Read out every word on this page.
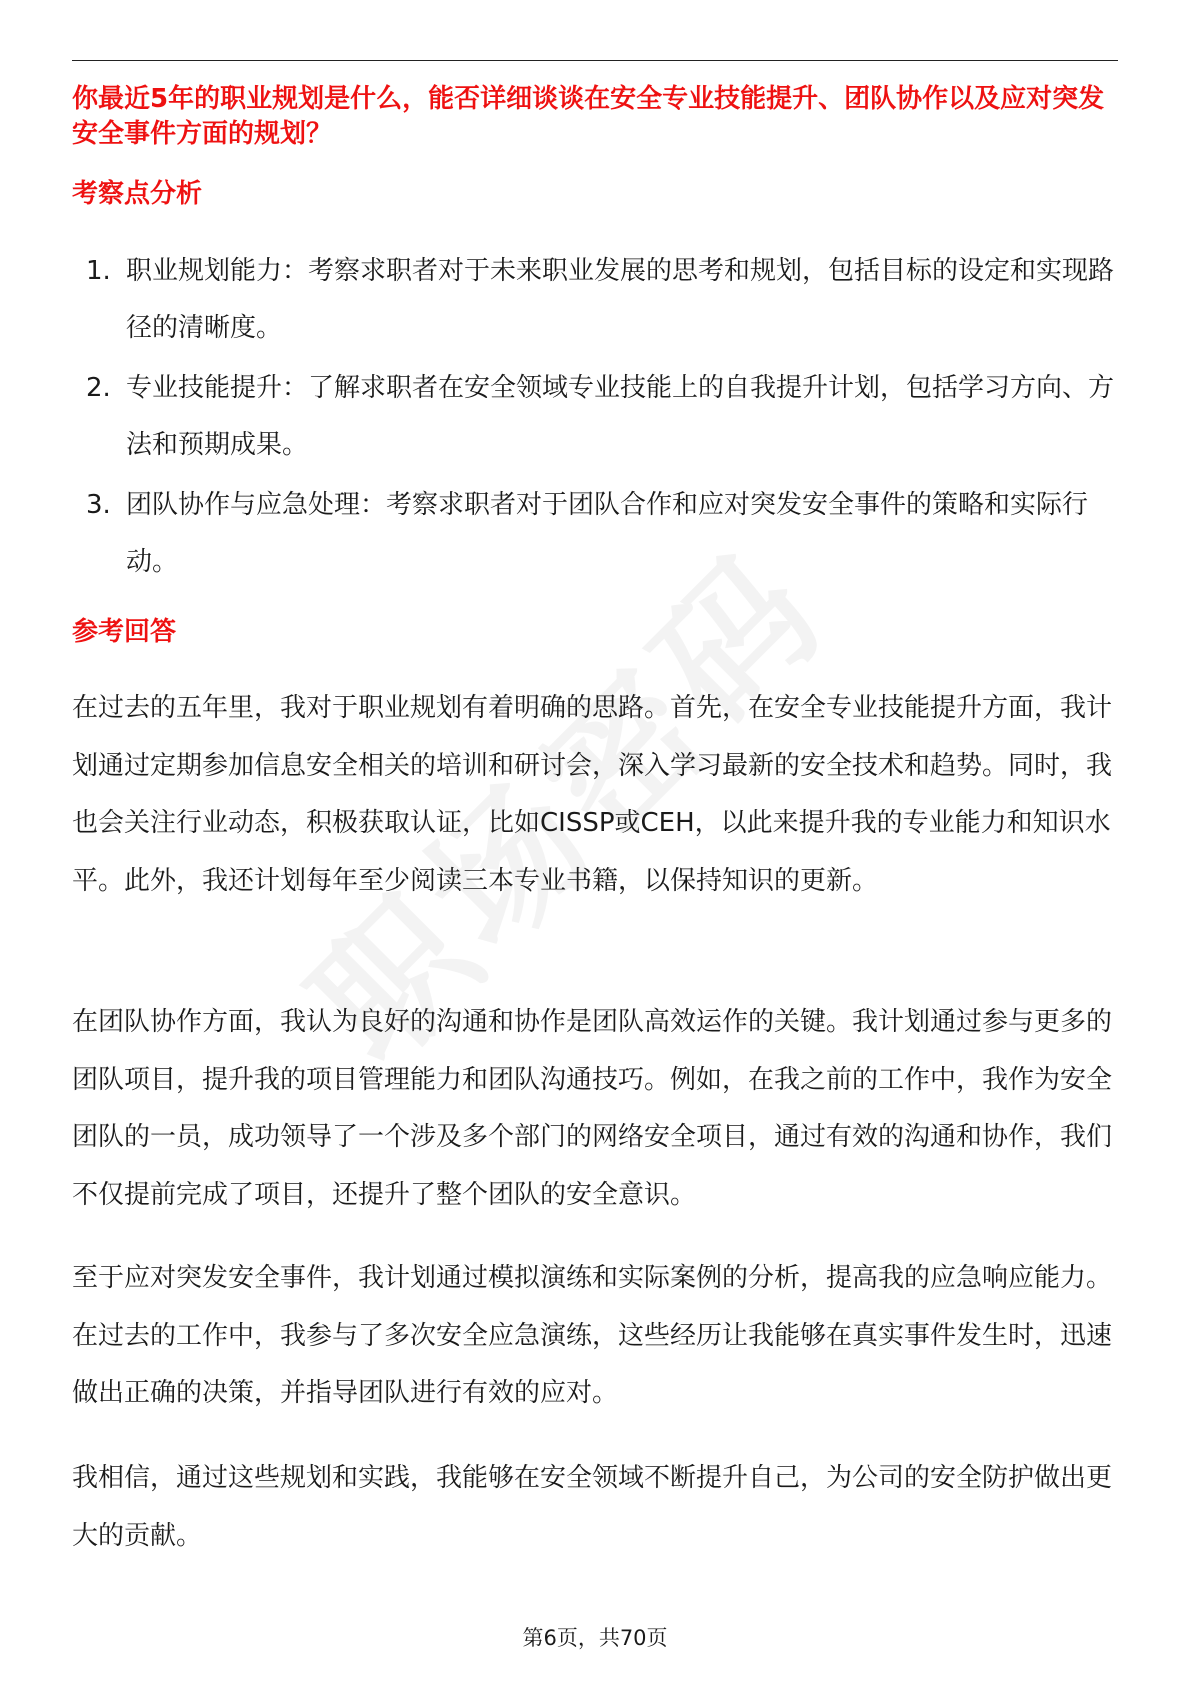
你最近5年的职业规划是什么，能否详细谈谈在安全专业技能提升、团队协作以及应对突发安全事件方面的规划？
考察点分析
1. 职业规划能力：考察求职者对于未来职业发展的思考和规划，包括目标的设定和实现路径的清晰度。
2. 专业技能提升：了解求职者在安全领域专业技能上的自我提升计划，包括学习方向、方法和预期成果。
3. 团队协作与应急处理：考察求职者对于团队合作和应对突发安全事件的策略和实际行动。
参考回答

在过去的五年里，我对于职业规划有着明确的思路。首先，在安全专业技能提升方面，我计划通过定期参加信息安全相关的培训和研讨会，深入学习最新的安全技术和趋势。同时，我也会关注行业动态，积极获取认证，比如CISSP或CEH，以此来提升我的专业能力和知识水平。此外，我还计划每年至少阅读三本专业书籍，以保持知识的更新。

在团队协作方面，我认为良好的沟通和协作是团队高效运作的关键。我计划通过参与更多的团队项目，提升我的项目管理能力和团队沟通技巧。例如，在我之前的工作中，我作为安全团队的一员，成功领导了一个涉及多个部门的网络安全项目，通过有效的沟通和协作，我们不仅提前完成了项目，还提升了整个团队的安全意识。

至于应对突发安全事件，我计划通过模拟演练和实际案例的分析，提高我的应急响应能力。在过去的工作中，我参与了多次安全应急演练，这些经历让我能够在真实事件发生时，迅速做出正确的决策，并指导团队进行有效的应对。

我相信，通过这些规划和实践，我能够在安全领域不断提升自己，为公司的安全防护做出更大的贡献。

第6页，共70页
